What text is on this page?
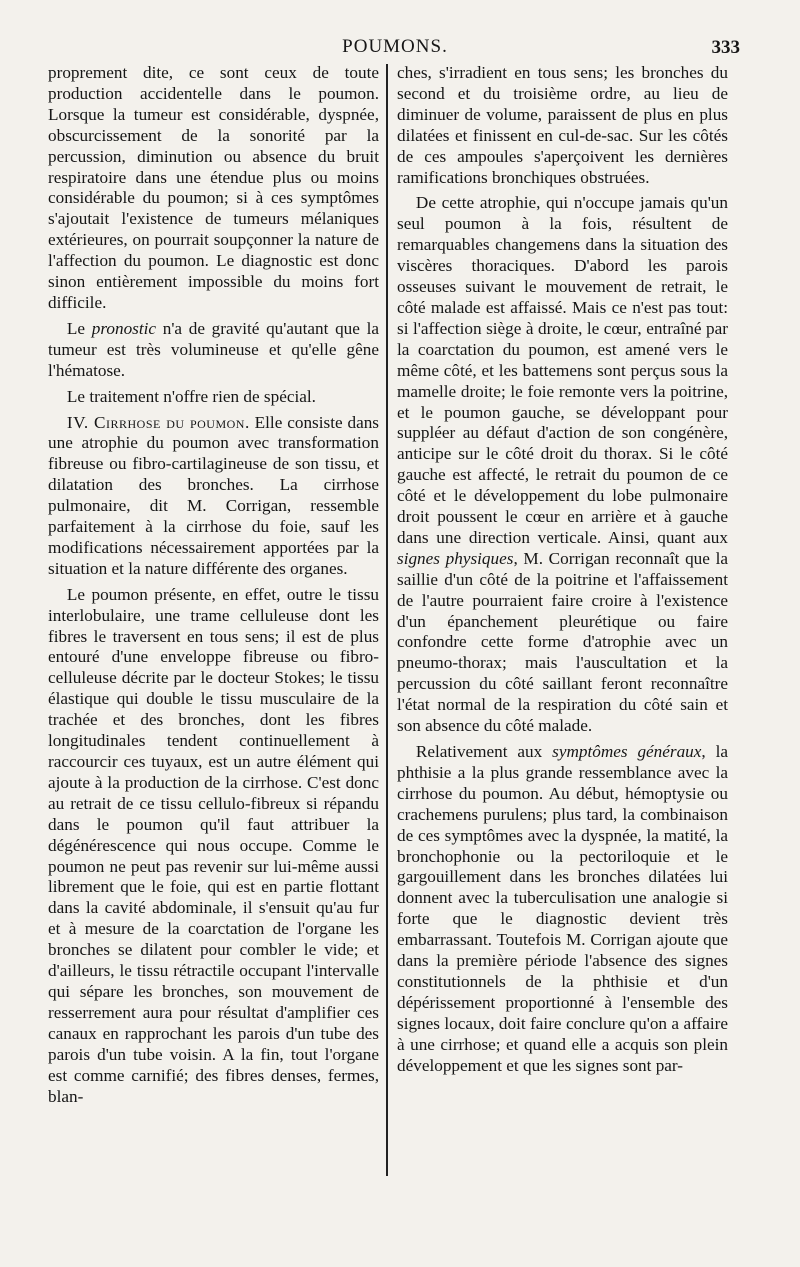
POUMONS.	333

proprement dite, ce sont ceux de toute production accidentelle dans le poumon. Lorsque la tumeur est considérable, dyspnée, obscurcissement de la sonorité par la percussion, diminution ou absence du bruit respiratoire dans une étendue plus ou moins considérable du poumon; si à ces symptômes s'ajoutait l'existence de tumeurs mélaniques extérieures, on pourrait soupçonner la nature de l'affection du poumon. Le diagnostic est donc sinon entièrement impossible du moins fort difficile.

Le pronostic n'a de gravité qu'autant que la tumeur est très volumineuse et qu'elle gêne l'hématose.

Le traitement n'offre rien de spécial.

IV. Cirrhose du poumon. Elle consiste dans une atrophie du poumon avec transformation fibreuse ou fibro-cartilagineuse de son tissu, et dilatation des bronches. La cirrhose pulmonaire, dit M. Corrigan, ressemble parfaitement à la cirrhose du foie, sauf les modifications nécessairement apportées par la situation et la nature différente des organes.

Le poumon présente, en effet, outre le tissu interlobulaire, une trame celluleuse dont les fibres le traversent en tous sens; il est de plus entouré d'une enveloppe fibreuse ou fibro-celluleuse décrite par le docteur Stokes; le tissu élastique qui double le tissu musculaire de la trachée et des bronches, dont les fibres longitudinales tendent continuellement à raccourcir ces tuyaux, est un autre élément qui ajoute à la production de la cirrhose. C'est donc au retrait de ce tissu cellulo-fibreux si répandu dans le poumon qu'il faut attribuer la dégénérescence qui nous occupe. Comme le poumon ne peut pas revenir sur lui-même aussi librement que le foie, qui est en partie flottant dans la cavité abdominale, il s'ensuit qu'au fur et à mesure de la coarctation de l'organe les bronches se dilatent pour combler le vide; et d'ailleurs, le tissu rétractile occupant l'intervalle qui sépare les bronches, son mouvement de resserrement aura pour résultat d'amplifier ces canaux en rapprochant les parois d'un tube des parois d'un tube voisin. A la fin, tout l'organe est comme carnifié; des fibres denses, fermes, blan-

ches, s'irradient en tous sens; les bronches du second et du troisième ordre, au lieu de diminuer de volume, paraissent de plus en plus dilatées et finissent en cul-de-sac. Sur les côtés de ces ampoules s'aperçoivent les dernières ramifications bronchiques obstruées.

De cette atrophie, qui n'occupe jamais qu'un seul poumon à la fois, résultent de remarquables changemens dans la situation des viscères thoraciques. D'abord les parois osseuses suivant le mouvement de retrait, le côté malade est affaissé. Mais ce n'est pas tout: si l'affection siège à droite, le cœur, entraîné par la coarctation du poumon, est amené vers le même côté, et les battemens sont perçus sous la mamelle droite; le foie remonte vers la poitrine, et le poumon gauche, se développant pour suppléer au défaut d'action de son congénère, anticipe sur le côté droit du thorax. Si le côté gauche est affecté, le retrait du poumon de ce côté et le développement du lobe pulmonaire droit poussent le cœur en arrière et à gauche dans une direction verticale. Ainsi, quant aux signes physiques, M. Corrigan reconnaît que la saillie d'un côté de la poitrine et l'affaissement de l'autre pourraient faire croire à l'existence d'un épanchement pleurétique ou faire confondre cette forme d'atrophie avec un pneumo-thorax; mais l'auscultation et la percussion du côté saillant feront reconnaître l'état normal de la respiration du côté sain et son absence du côté malade.

Relativement aux symptômes généraux, la phthisie a la plus grande ressemblance avec la cirrhose du poumon. Au début, hémoptysie ou crachemens purulens; plus tard, la combinaison de ces symptômes avec la dyspnée, la matité, la bronchophonie ou la pectoriloquie et le gargouillement dans les bronches dilatées lui donnent avec la tuberculisation une analogie si forte que le diagnostic devient très embarrassant. Toutefois M. Corrigan ajoute que dans la première période l'absence des signes constitutionnels de la phthisie et d'un dépérissement proportionné à l'ensemble des signes locaux, doit faire conclure qu'on a affaire à une cirrhose; et quand elle a acquis son plein développement et que les signes sont par-
